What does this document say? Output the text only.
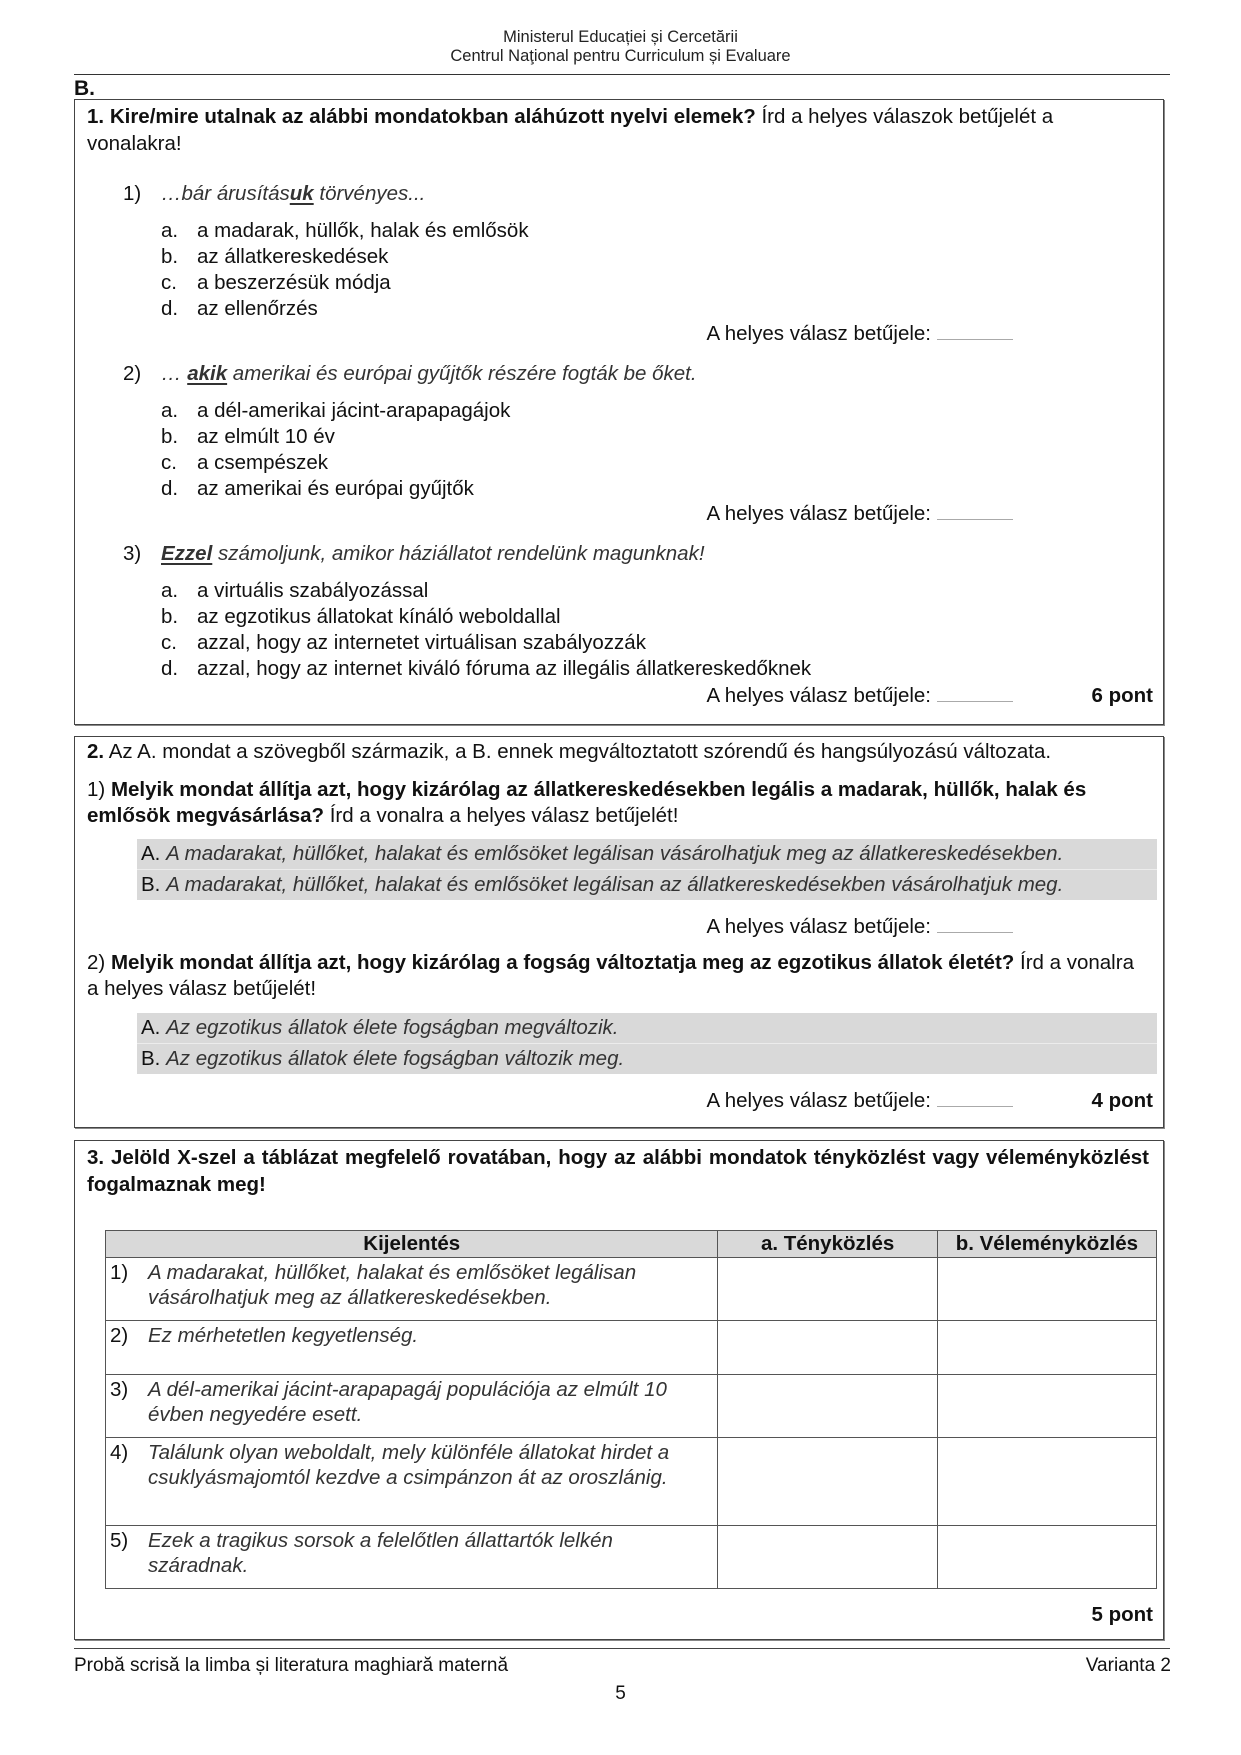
Ministerul Educației și Cercetării
Centrul Naţional pentru Curriculum și Evaluare
B.
1. Kire/mire utalnak az alábbi mondatokban aláhúzott nyelvi elemek? Írd a helyes válaszok betűjelét a vonalakra!
1) …bár árusításuk törvényes...
a. a madarak, hüllők, halak és emlősök
b. az állatkereskedések
c. a beszerzésük módja
d. az ellenőrzés
A helyes válasz betűjele:
2) … akik amerikai és európai gyűjtők részére fogták be őket.
a. a dél-amerikai jácint-arapapagájok
b. az elmúlt 10 év
c. a csempészek
d. az amerikai és európai gyűjtők
A helyes válasz betűjele:
3) Ezzel számoljunk, amikor háziállatot rendelünk magunknak!
a. a virtuális szabályozással
b. az egzotikus állatokat kínáló weboldallal
c. azzal, hogy az internetet virtuálisan szabályozzák
d. azzal, hogy az internet kiváló fóruma az illegális állatkereskedőknek
A helyes válasz betűjele:	6 pont
2. Az A. mondat a szövegből származik, a B. ennek megváltoztatott szórendű és hangsúlyozású változata.
1) Melyik mondat állítja azt, hogy kizárólag az állatkereskedésekben legális a madarak, hüllők, halak és emlősök megvásárlása? Írd a vonalra a helyes válasz betűjelét!
A. A madarakat, hüllőket, halakat és emlősöket legálisan vásárolhatjuk meg az állatkereskedésekben.
B. A madarakat, hüllőket, halakat és emlősöket legálisan az állatkereskedésekben vásárolhatjuk meg.
A helyes válasz betűjele:
2) Melyik mondat állítja azt, hogy kizárólag a fogság változtatja meg az egzotikus állatok életét? Írd a vonalra a helyes válasz betűjelét!
A. Az egzotikus állatok élete fogságban megváltozik.
B. Az egzotikus állatok élete fogságban változik meg.
A helyes válasz betűjele:	4 pont
3. Jelöld X-szel a táblázat megfelelő rovatában, hogy az alábbi mondatok tényközlést vagy véleményközlést fogalmaznak meg!
Kijelentés	a. Tényközlés	b. Véleményközlés
1) A madarakat, hüllőket, halakat és emlősöket legálisan vásárolhatjuk meg az állatkereskedésekben.		
2) Ez mérhetetlen kegyetlenség.		
3) A dél-amerikai jácint-arapapagáj populációja az elmúlt 10 évben negyedére esett.		
4) Találunk olyan weboldalt, mely különféle állatokat hirdet a csuklyásmajomtól kezdve a csimpánzon át az oroszlánig.		
5) Ezek a tragikus sorsok a felelőtlen állattartók lelkén száradnak.		
5 pont
Probă scrisă la limba și literatura maghiară maternă	Varianta 2
5
